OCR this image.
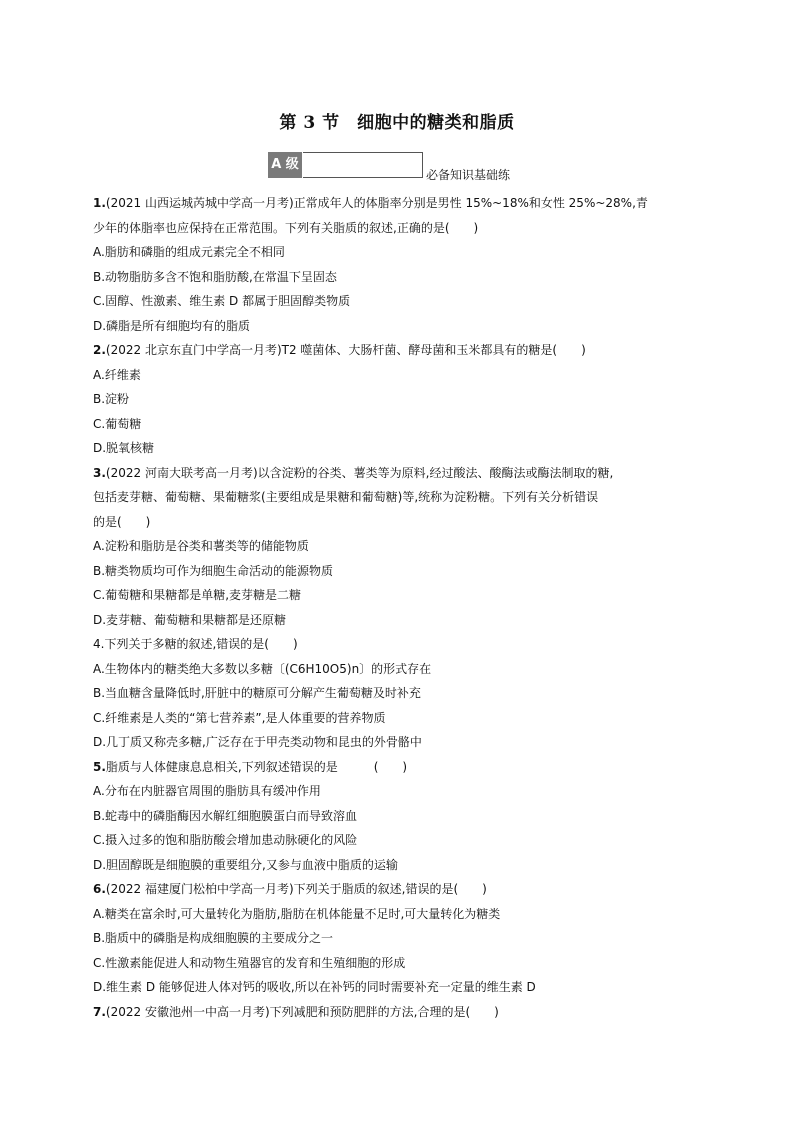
第 3 节　细胞中的糖类和脂质
A 级
必备知识基础练
1.(2021 山西运城芮城中学高一月考)正常成年人的体脂率分别是男性 15%~18%和女性 25%~28%,青
少年的体脂率也应保持在正常范围。下列有关脂质的叙述,正确的是(　　)
A.脂肪和磷脂的组成元素完全不相同
B.动物脂肪多含不饱和脂肪酸,在常温下呈固态
C.固醇、性激素、维生素 D 都属于胆固醇类物质
D.磷脂是所有细胞均有的脂质
2.(2022 北京东直门中学高一月考)T2 噬菌体、大肠杆菌、酵母菌和玉米都具有的糖是(　　)
A.纤维素
B.淀粉
C.葡萄糖
D.脱氧核糖
3.(2022 河南大联考高一月考)以含淀粉的谷类、薯类等为原料,经过酸法、酸酶法或酶法制取的糖,
包括麦芽糖、葡萄糖、果葡糖浆(主要组成是果糖和葡萄糖)等,统称为淀粉糖。下列有关分析错误
的是(　　)
A.淀粉和脂肪是谷类和薯类等的储能物质
B.糖类物质均可作为细胞生命活动的能源物质
C.葡萄糖和果糖都是单糖,麦芽糖是二糖
D.麦芽糖、葡萄糖和果糖都是还原糖
4.下列关于多糖的叙述,错误的是(　　)
A.生物体内的糖类绝大多数以多糖〔(C6H10O5)n〕的形式存在
B.当血糖含量降低时,肝脏中的糖原可分解产生葡萄糖及时补充
C.纤维素是人类的“第七营养素”,是人体重要的营养物质
D.几丁质又称壳多糖,广泛存在于甲壳类动物和昆虫的外骨骼中
5.脂质与人体健康息息相关,下列叙述错误的是　　　(　　)
A.分布在内脏器官周围的脂肪具有缓冲作用
B.蛇毒中的磷脂酶因水解红细胞膜蛋白而导致溶血
C.摄入过多的饱和脂肪酸会增加患动脉硬化的风险
D.胆固醇既是细胞膜的重要组分,又参与血液中脂质的运输
6.(2022 福建厦门松柏中学高一月考)下列关于脂质的叙述,错误的是(　　)
A.糖类在富余时,可大量转化为脂肪,脂肪在机体能量不足时,可大量转化为糖类
B.脂质中的磷脂是构成细胞膜的主要成分之一
C.性激素能促进人和动物生殖器官的发育和生殖细胞的形成
D.维生素 D 能够促进人体对钙的吸收,所以在补钙的同时需要补充一定量的维生素 D
7.(2022 安徽池州一中高一月考)下列减肥和预防肥胖的方法,合理的是(　　)
